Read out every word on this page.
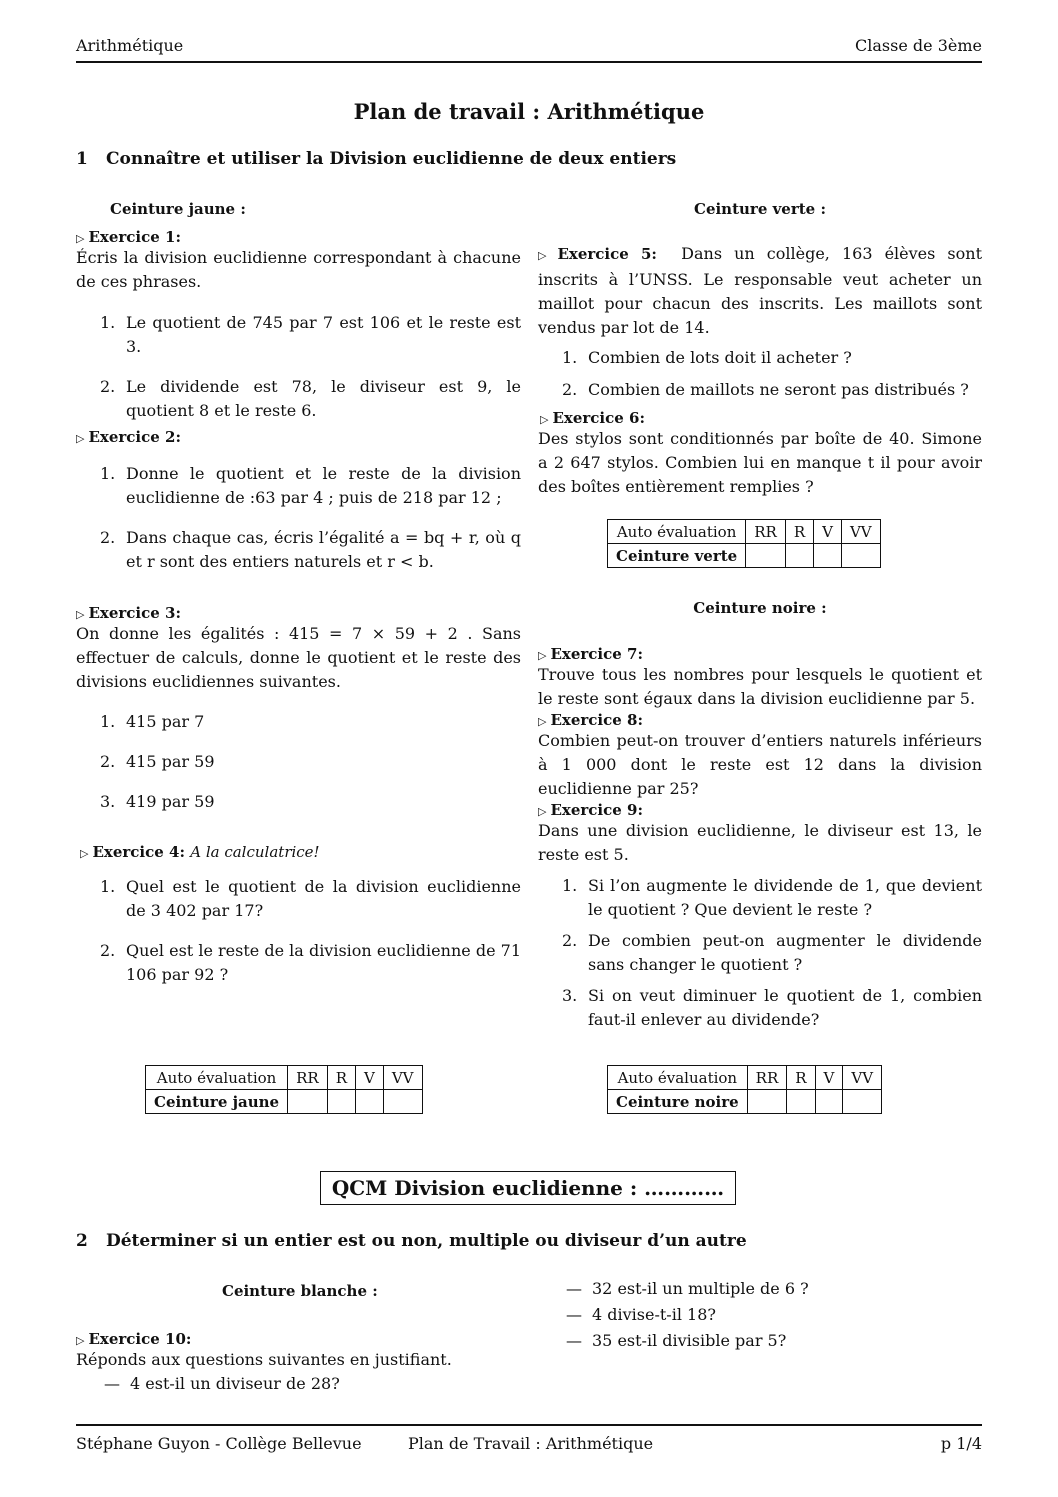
Arithmétique	Classe de 3ème
Plan de travail : Arithmétique
1 Connaître et utiliser la Division euclidienne de deux entiers
Ceinture jaune :
▷ Exercice 1:
Écris la division euclidienne correspondant à chacune de ces phrases.
1. Le quotient de 745 par 7 est 106 et le reste est 3.
2. Le dividende est 78, le diviseur est 9, le quotient 8 et le reste 6.
▷ Exercice 2:
1. Donne le quotient et le reste de la division euclidienne de :63 par 4 ; puis de 218 par 12 ;
2. Dans chaque cas, écris l’égalité a = bq + r, où q et r sont des entiers naturels et r < b.
▷ Exercice 3:
On donne les égalités : 415 = 7 × 59 + 2 . Sans effectuer de calculs, donne le quotient et le reste des divisions euclidiennes suivantes.
1. 415 par 7
2. 415 par 59
3. 419 par 59
▷ Exercice 4: A la calculatrice!
1. Quel est le quotient de la division euclidienne de 3 402 par 17?
2. Quel est le reste de la division euclidienne de 71 106 par 92 ?
Auto évaluation	RR	R	V	VV
Ceinture jaune				
Ceinture verte :
▷ Exercice 5: Dans un collège, 163 élèves sont inscrits à l’UNSS. Le responsable veut acheter un maillot pour chacun des inscrits. Les maillots sont vendus par lot de 14.
1. Combien de lots doit il acheter ?
2. Combien de maillots ne seront pas distribués ?
▷ Exercice 6:
Des stylos sont conditionnés par boîte de 40. Simone a 2 647 stylos. Combien lui en manque t il pour avoir des boîtes entièrement remplies ?
Auto évaluation	RR	R	V	VV
Ceinture verte				
Ceinture noire :
▷ Exercice 7:
Trouve tous les nombres pour lesquels le quotient et le reste sont égaux dans la division euclidienne par 5.
▷ Exercice 8:
Combien peut-on trouver d’entiers naturels inférieurs à 1 000 dont le reste est 12 dans la division euclidienne par 25?
▷ Exercice 9:
Dans une division euclidienne, le diviseur est 13, le reste est 5.
1. Si l’on augmente le dividende de 1, que devient le quotient ? Que devient le reste ?
2. De combien peut-on augmenter le dividende sans changer le quotient ?
3. Si on veut diminuer le quotient de 1, combien faut-il enlever au dividende?
Auto évaluation	RR	R	V	VV
Ceinture noire				
QCM Division euclidienne : …………
2 Déterminer si un entier est ou non, multiple ou diviseur d’un autre
Ceinture blanche :
▷ Exercice 10:
Réponds aux questions suivantes en justifiant.
— 4 est-il un diviseur de 28?
— 32 est-il un multiple de 6 ?
— 4 divise-t-il 18?
— 35 est-il divisible par 5?
Stéphane Guyon - Collège Bellevue	Plan de Travail : Arithmétique	p 1/4
